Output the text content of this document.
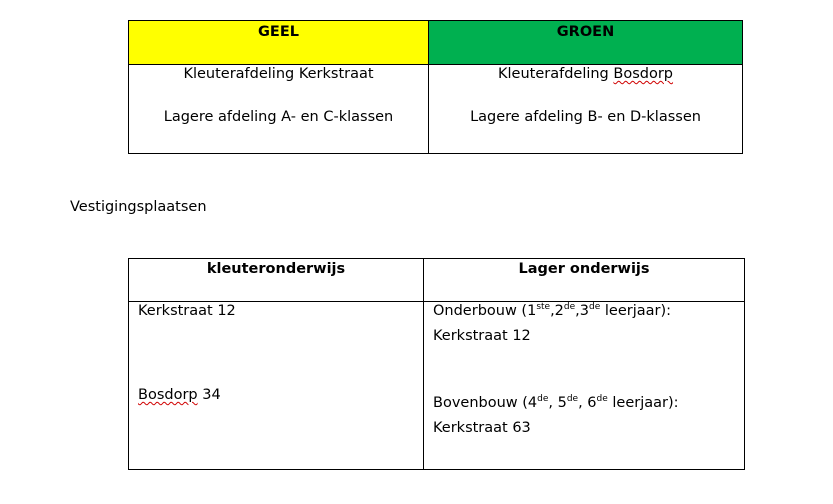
GEEL
Kleuterafdeling Kerkstraat
Lagere afdeling A- en C-klassen
GROEN
Kleuterafdeling Bosdorp
Lagere afdeling B- en D-klassen
Vestigingsplaatsen
kleuteronderwijs
Kerkstraat 12
Bosdorp 34
Lager onderwijs
Onderbouw (1ste,2de,3de leerjaar):
Kerkstraat 12
Bovenbouw (4de, 5de, 6de leerjaar):
Kerkstraat 63
